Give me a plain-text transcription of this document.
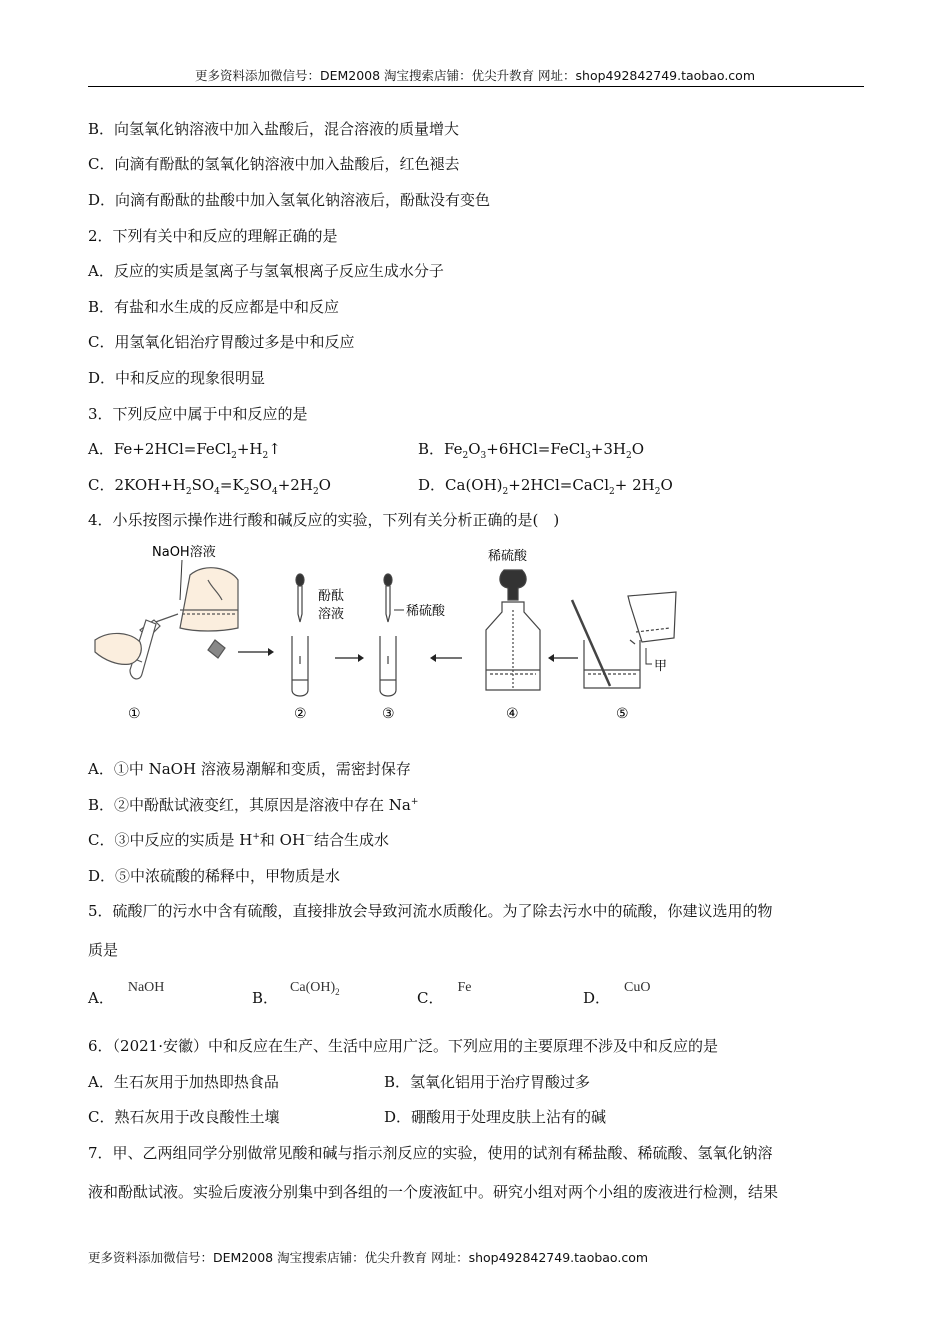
更多资料添加微信号：DEM2008 淘宝搜索店铺：优尖升教育 网址：shop492842749.taobao.com
B．向氢氧化钠溶液中加入盐酸后，混合溶液的质量增大
C．向滴有酚酞的氢氧化钠溶液中加入盐酸后，红色褪去
D．向滴有酚酞的盐酸中加入氢氧化钠溶液后，酚酞没有变色
2．下列有关中和反应的理解正确的是
A．反应的实质是氢离子与氢氧根离子反应生成水分子
B．有盐和水生成的反应都是中和反应
C．用氢氧化铝治疗胃酸过多是中和反应
D．中和反应的现象很明显
3．下列反应中属于中和反应的是
A．$Fe+2HCl=FeCl_2+H_2↑$	B．$Fe_2O_3+6HCl=FeCl_3+3H_2O$
C．$2KOH+H_2SO_4=K_2SO_4+2H_2O$	D．$Ca(OH)_2+2HCl=CaCl_2+ 2H_2O$
4．小乐按图示操作进行酸和碱反应的实验，下列有关分析正确的是(　)
NaOH溶液
酚酞
溶液	稀硫酸
稀硫酸
甲
①	②	③	④	⑤
A．①中 NaOH 溶液易潮解和变质，需密封保存
B．②中酚酞试液变红，其原因是溶液中存在 Na+
C．③中反应的实质是 H+和 OH－结合生成水
D．⑤中浓硫酸的稀释中，甲物质是水
5．硫酸厂的污水中含有硫酸，直接排放会导致河流水质酸化。为了除去污水中的硫酸，你建议选用的物
质是
A．NaOH
B．$Ca(OH)_2$	C．Fe
D．CuO
6．（2021·安徽）中和反应在生产、生活中应用广泛。下列应用的主要原理不涉及中和反应的是
A．生石灰用于加热即热食品	B．氢氧化铝用于治疗胃酸过多
C．熟石灰用于改良酸性土壤	D．硼酸用于处理皮肤上沾有的碱
7．甲、乙两组同学分别做常见酸和碱与指示剂反应的实验，使用的试剂有稀盐酸、稀硫酸、氢氧化钠溶
液和酚酞试液。实验后废液分别集中到各组的一个废液缸中。研究小组对两个小组的废液进行检测，结果
更多资料添加微信号：DEM2008 淘宝搜索店铺：优尖升教育 网址：shop492842749.taobao.com
